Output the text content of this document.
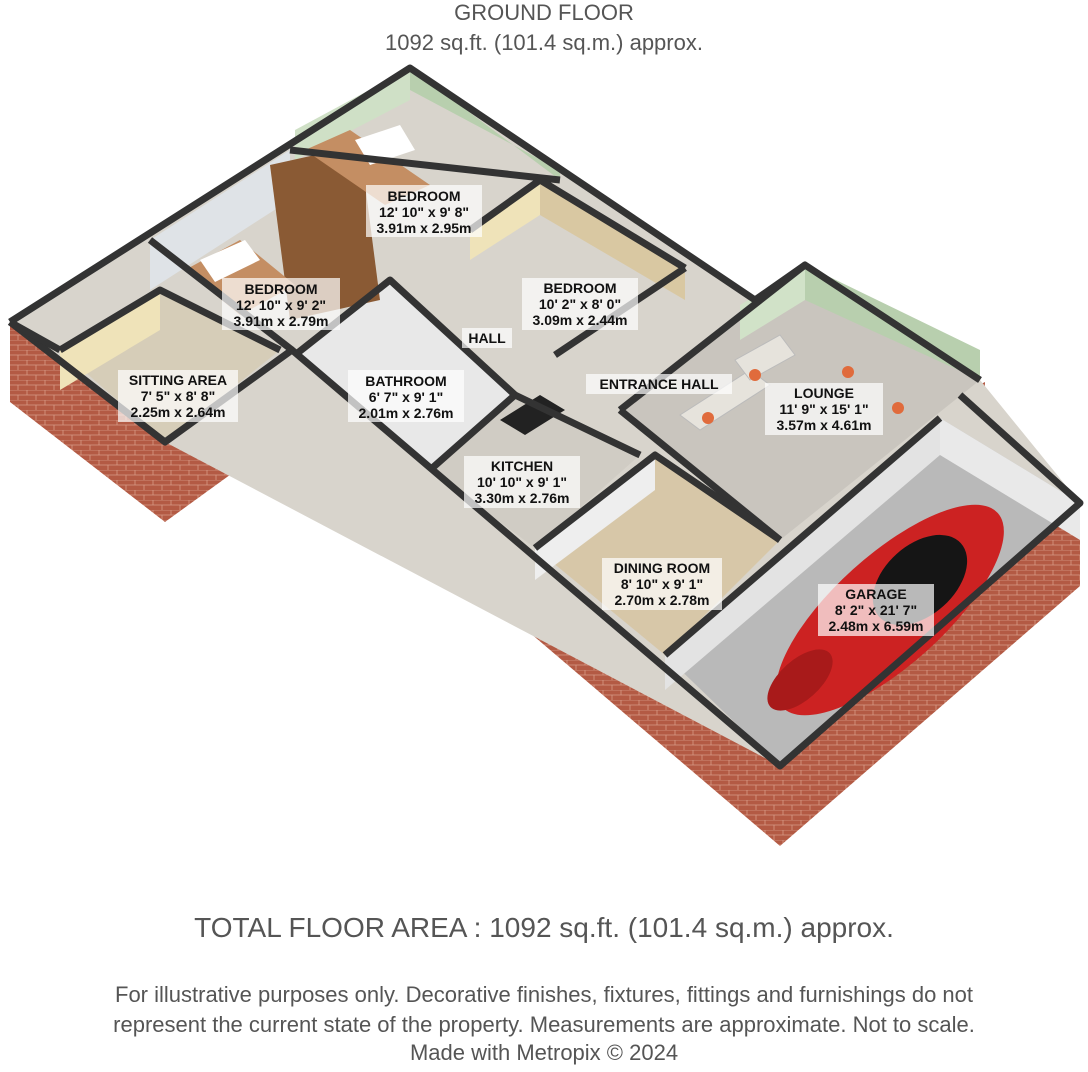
GROUND FLOOR
1092 sq.ft. (101.4 sq.m.) approx.
BEDROOM
12' 10" x 9' 8"
3.91m x 2.95m
BEDROOM
12' 10" x 9' 2"
3.91m x 2.79m
BEDROOM
10' 2" x 8' 0"
3.09m x 2.44m
SITTING AREA
7' 5" x 8' 8"
2.25m x 2.64m
BATHROOM
6' 7" x 9' 1"
2.01m x 2.76m
HALL
ENTRANCE HALL
LOUNGE
11' 9" x 15' 1"
3.57m x 4.61m
KITCHEN
10' 10" x 9' 1"
3.30m x 2.76m
DINING ROOM
8' 10" x 9' 1"
2.70m x 2.78m	GARAGE
8' 2" x 21' 7"
2.48m x 6.59m
TOTAL FLOOR AREA : 1092 sq.ft. (101.4 sq.m.) approx.
For illustrative purposes only. Decorative finishes, fixtures, fittings and furnishings do not
represent the current state of the property. Measurements are approximate. Not to scale.
Made with Metropix © 2024
